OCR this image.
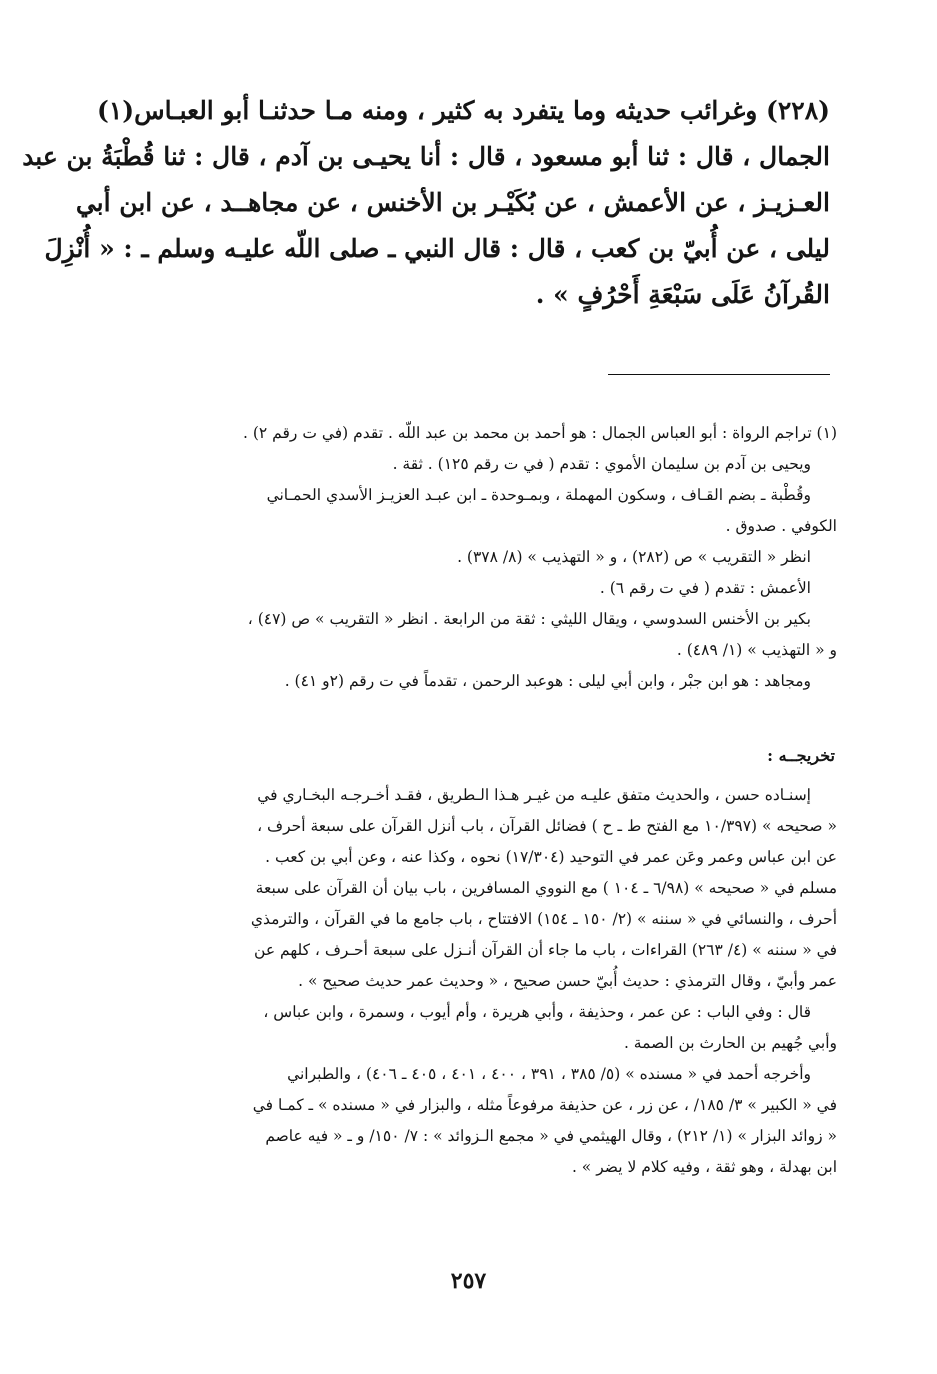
(٢٢٨) وغرائب حديثه وما يتفرد به كثير ، ومنه مـا حدثنـا أبو العبـاس(١)
الجمال ، قال : ثنا أبو مسعود ، قال : أنا يحيـى بن آدم ، قال : ثنا قُطْبَةُ بن عبد
العـزيـز ، عن الأعمش ، عن بُكَيْـر بن الأخنس ، عن مجاهــد ، عن ابن أبي
ليلى ، عن أُبيّ بن كعب ، قال : قال النبي ـ صلى اللّه عليـه وسلم ـ : « أُنْزِلَ
القُرآنُ عَلَى سَبْعَةِ أَحْرُفٍ » .
(١) تراجم الرواة : أبو العباس الجمال : هو أحمد بن محمد بن عبد اللّه . تقدم (في ت رقم ٢) .
ويحيى بن آدم بن سليمان الأموي : تقدم ( في ت رقم ١٢٥) . ثقة .
وقُطْبة ـ بضم القـاف ، وسكون المهملة ، وبمـوحدة ـ ابن عبـد العزيـز الأسدي الحمـاني
الكوفي . صدوق .
انظر « التقريب » ص (٢٨٢) ، و « التهذيب » (٨/ ٣٧٨) .
الأعمش : تقدم ( في ت رقم ٦) .
بكير بن الأخنس السدوسي ، ويقال الليثي : ثقة من الرابعة . انظر « التقريب » ص (٤٧) ،
و « التهذيب » (١/ ٤٨٩) .
ومجاهد : هو ابن جبْر ، وابن أبي ليلى : هوعبد الرحمن ، تقدماً في ت رقم (٢و ٤١) .
تخريجــه :
إسنـاده حسن ، والحديث متفق عليـه من غيـر هـذا الـطريق ، فقـد أخـرجـه البخـاري في
« صحيحه » (١٠/٣٩٧ مع الفتح ط ـ ح ) فضائل القرآن ، باب أنزل القرآن على سبعة أحرف ،
عن ابن عباس وعمر وعَن عمر في التوحيد (١٧/٣٠٤) نحوه ، وكذا عنه ، وعن أبي بن كعب .
مسلم في « صحيحه » (٦/٩٨ ـ ١٠٤ ) مع النووي المسافرين ، باب بيان أن القرآن على سبعة
أحرف ، والنسائي في « سننه » (٢/ ١٥٠ ـ ١٥٤) الافتتاح ، باب جامع ما في القرآن ، والترمذي
في « سننه » (٤/ ٢٦٣) القراءات ، باب ما جاء أن القرآن أنـزل على سبعة أحـرف ، كلهم عن
عمر وأبيّ ، وقال الترمذي : حديث أُبيّ حسن صحيح ، « وحديث عمر حديث صحيح » .
قال : وفي الباب : عن عمر ، وحذيفة ، وأبي هريرة ، وأم أيوب ، وسمرة ، وابن عباس ،
وأبي جُهيم بن الحارث بن الصمة .
وأخرجه أحمد في « مسنده » (٥/ ٣٨٥ ، ٣٩١ ، ٤٠٠ ، ٤٠١ ، ٤٠٥ ـ ٤٠٦) ، والطبراني
في « الكبير » ٣/ ١٨٥/ ، عن زر ، عن حذيفة مرفوعاً مثله ، والبزار في « مسنده » ـ كمـا في
« زوائد البزار » (١/ ٢١٢) ، وقال الهيثمي في « مجمع الـزوائد » : ٧/ ١٥٠/ و ـ « فيه عاصم
ابن بهدلة ، وهو ثقة ، وفيه كلام لا يضر » .
٢٥٧
